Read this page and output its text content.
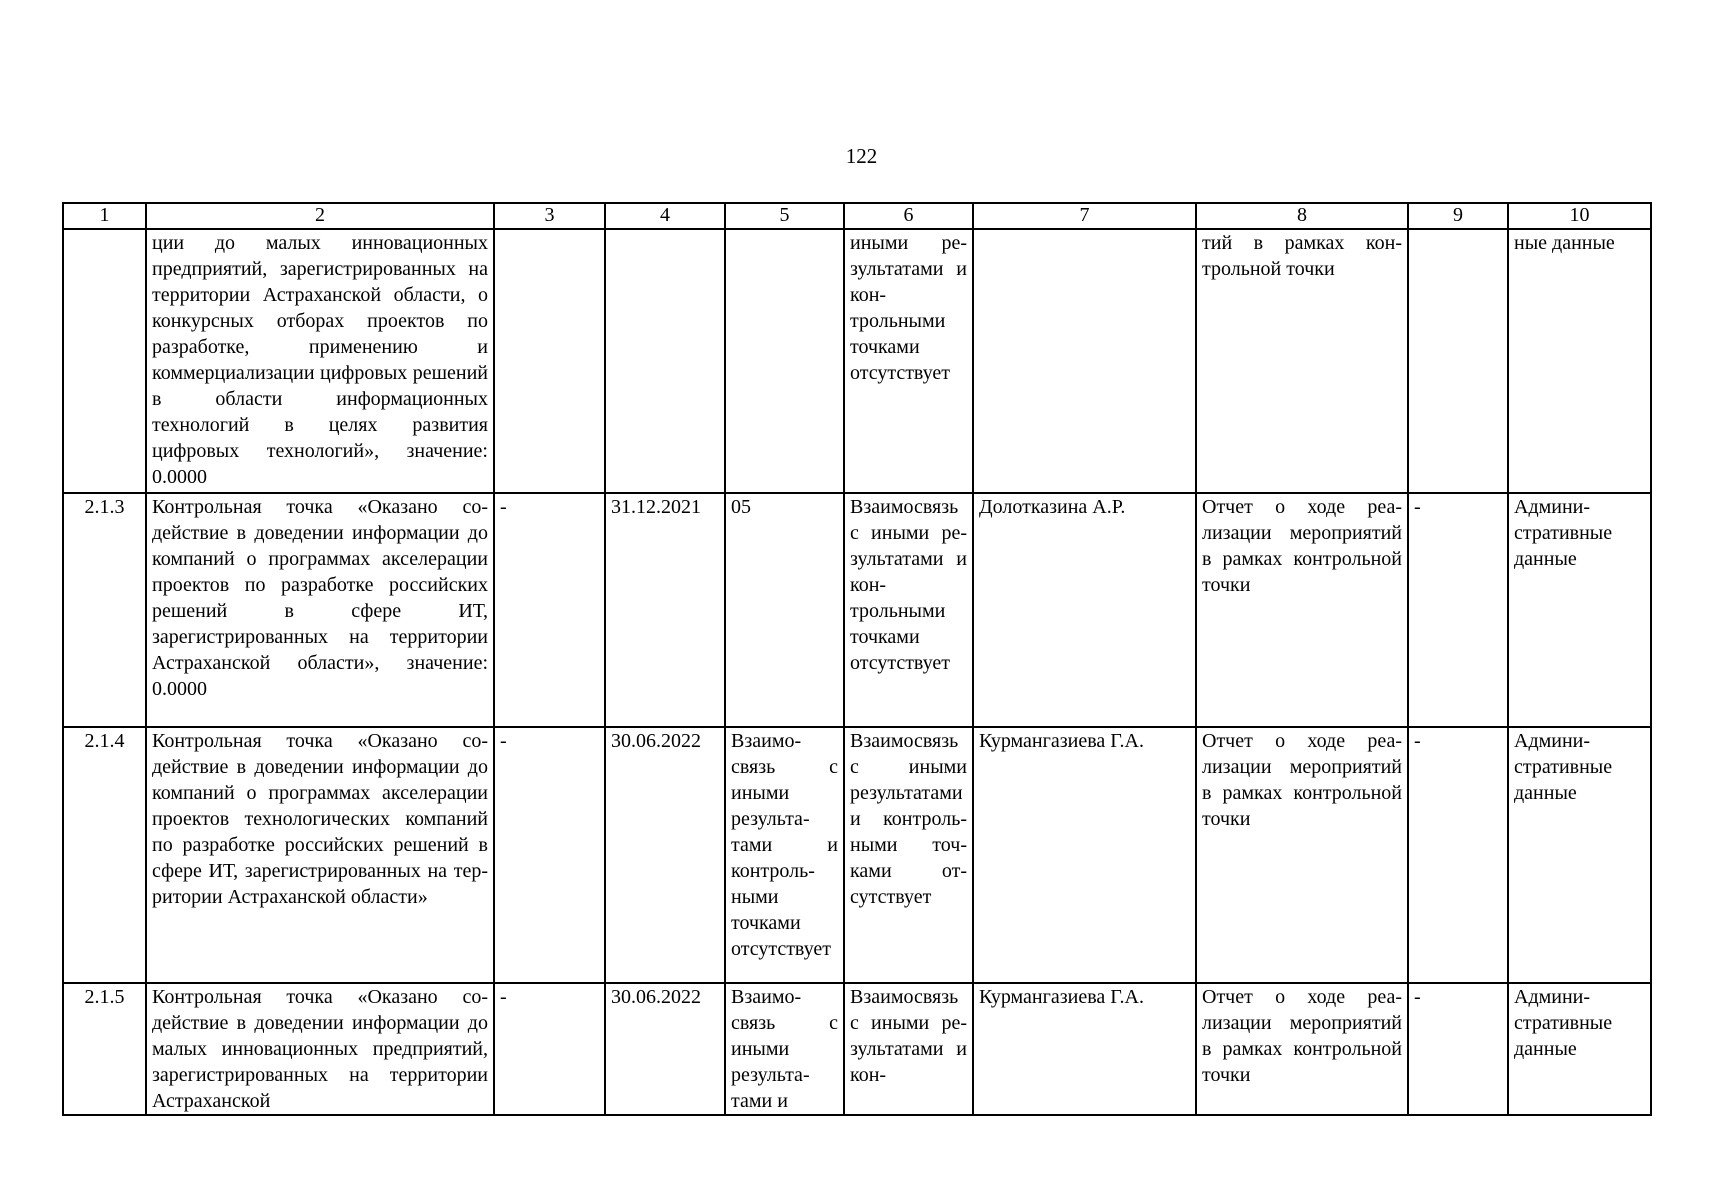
122
1	2	3	4	5	6	7	8	9	10
	ции до малых инновационных предприятий, зарегистрированных на территории Астраханской области, о конкурсных отборах проектов по разработке, применению и коммерциализации цифровых решений в области информационных технологий в целях развития цифровых технологий», значение: 0.0000				иными результатами и контрольными точками отсутствует		тий в рамках контрольной точки		ные данные
2.1.3	Контрольная точка «Оказано содействие в доведении информации до компаний о программах акселерации проектов по разработке российских решений в сфере ИТ, зарегистрированных на территории Астраханской области», значение: 0.0000	-	31.12.2021	05	Взаимосвязь с иными результатами и контрольными точками отсутствует	Долотказина А.Р.	Отчет о ходе реализации мероприятий в рамках контрольной точки	-	Административные данные
2.1.4	Контрольная точка «Оказано содействие в доведении информации до компаний о программах акселерации проектов технологических компаний по разработке российских решений в сфере ИТ, зарегистрированных на территории Астраханской области»	-	30.06.2022	Взаимосвязь с иными результатами и контрольными точками отсутствует	Взаимосвязь с иными результатами и контрольными точками отсутствует	Курмангазиева Г.А.	Отчет о ходе реализации мероприятий в рамках контрольной точки	-	Административные данные
2.1.5	Контрольная точка «Оказано содействие в доведении информации до малых инновационных предприятий, зарегистрированных на территории Астраханской	-	30.06.2022	Взаимосвязь с иными результатами и	Взаимосвязь с иными результатами и кон-	Курмангазиева Г.А.	Отчет о ходе реализации мероприятий в рамках контрольной точки	-	Административные данные
